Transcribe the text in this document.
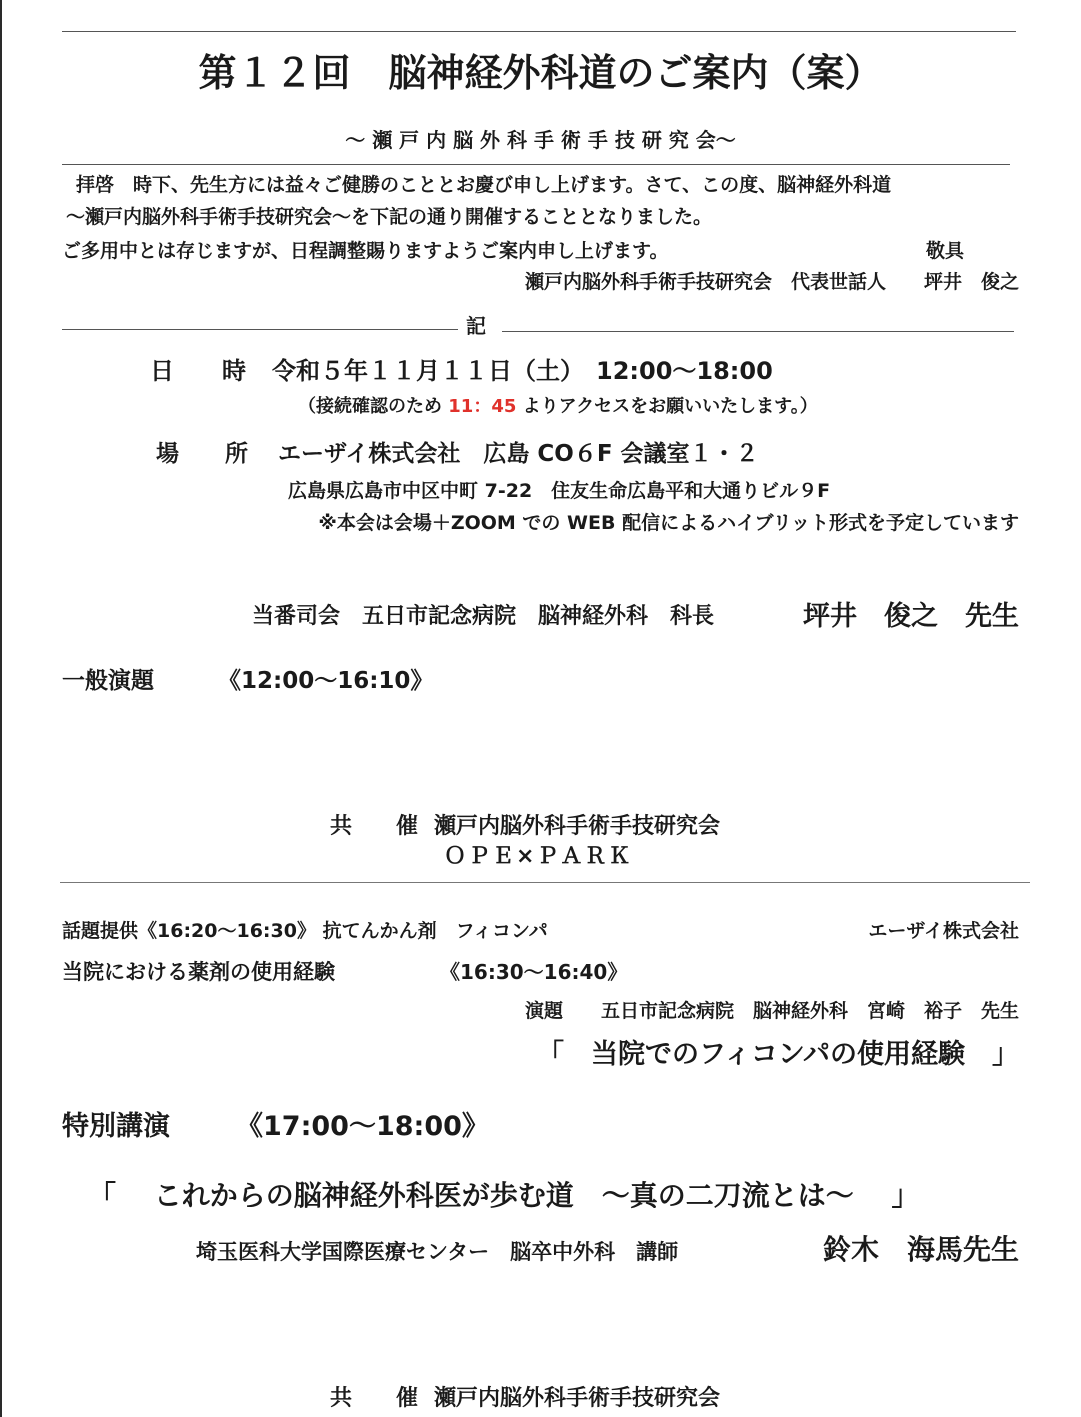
第１２回　脳神経外科道のご案内（案）
～ 瀬 戸 内 脳 外 科 手 術 手 技 研 究 会～
拝啓　時下、先生方には益々ご健勝のこととお慶び申し上げます。さて、この度、脳神経外科道
～瀬戸内脳外科手術手技研究会～を下記の通り開催することとなりました。
ご多用中とは存じますが、日程調整賜りますようご案内申し上げます。	敬具
瀬戸内脳外科手術手技研究会　代表世話人　　坪井　俊之
記
日　　時 令和５年１１月１１日（土）　12:00～18:00
（接続確認のため 11：45 よりアクセスをお願いいたします。）
場　　所 エーザイ株式会社　広島 CO６F 会議室１・２
広島県広島市中区中町 7-22　住友生命広島平和大通りビル９F
※本会は会場＋ZOOM での WEB 配信によるハイブリット形式を予定しています
当番司会　五日市記念病院　脳神経外科　科長	坪井　俊之　先生
一般演題	《12:00～16:10》
共　　催 瀬戸内脳外科手術手技研究会
ＯＰＥ×ＰＡＲＫ
話題提供《16:20～16:30》 抗てんかん剤　フィコンパ	エーザイ株式会社
当院における薬剤の使用経験	《16:30～16:40》
演題　　五日市記念病院　脳神経外科　宮崎　裕子　先生
「　当院でのフィコンパの使用経験　」
特別講演 《17:00～18:00》
「　 これからの脳神経外科医が歩む道　～真の二刀流とは～　 」
埼玉医科大学国際医療センター　脳卒中外科　講師	鈴木　海馬先生
共　　催 瀬戸内脳外科手術手技研究会
